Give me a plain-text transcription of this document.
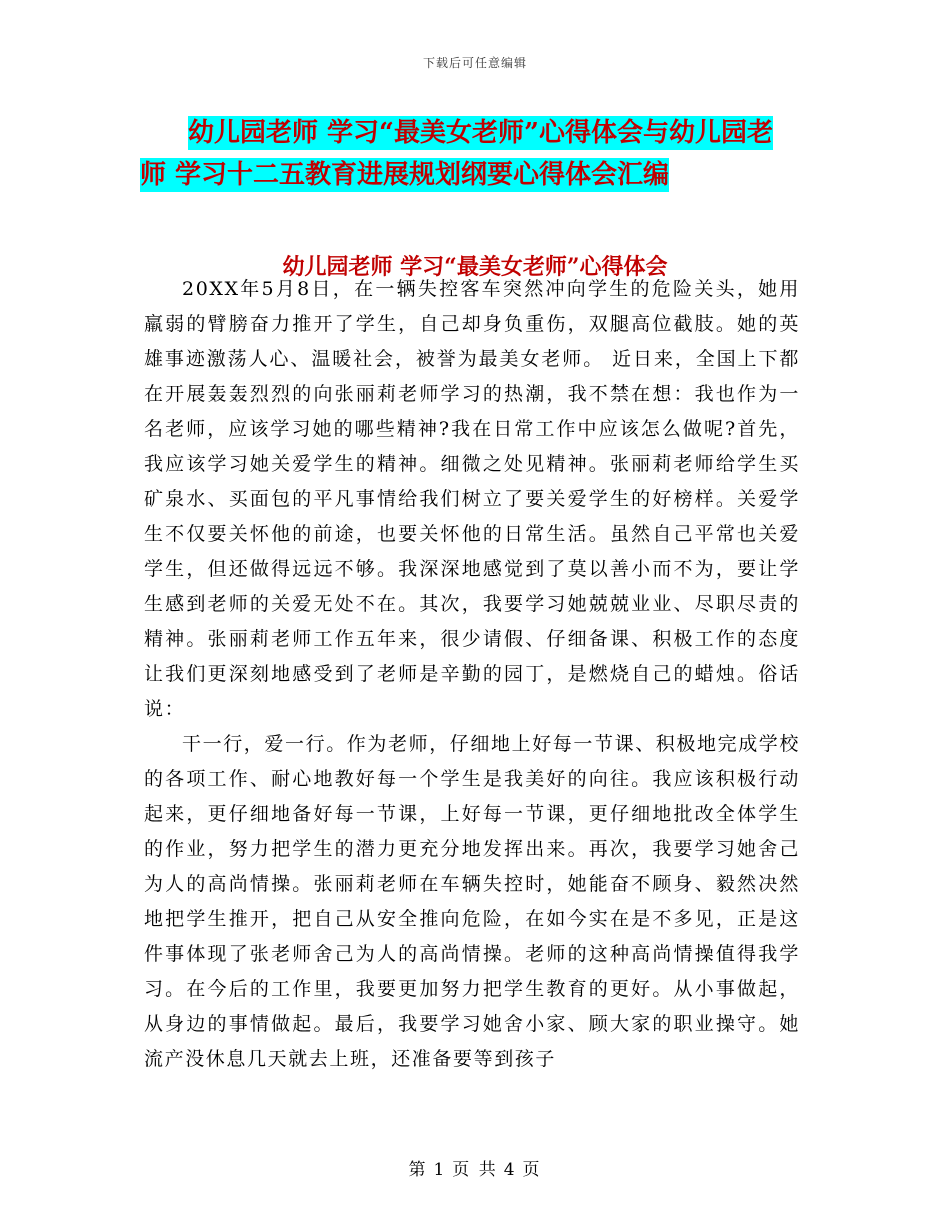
下载后可任意编辑
幼儿园老师 学习“最美女老师”心得体会与幼儿园老
师 学习十二五教育进展规划纲要心得体会汇编
幼儿园老师 学习“最美女老师”心得体会

20XX年5月8日，在一辆失控客车突然冲向学生的危险关头，她用羸弱的臂膀奋力推开了学生，自己却身负重伤，双腿高位截肢。她的英雄事迹激荡人心、温暖社会，被誉为最美女老师。 近日来，全国上下都在开展轰轰烈烈的向张丽莉老师学习的热潮，我不禁在想：我也作为一名老师，应该学习她的哪些精神?我在日常工作中应该怎么做呢?首先，我应该学习她关爱学生的精神。细微之处见精神。张丽莉老师给学生买矿泉水、买面包的平凡事情给我们树立了要关爱学生的好榜样。关爱学生不仅要关怀他的前途，也要关怀他的日常生活。虽然自己平常也关爱学生，但还做得远远不够。我深深地感觉到了莫以善小而不为，要让学生感到老师的关爱无处不在。其次，我要学习她兢兢业业、尽职尽责的精神。张丽莉老师工作五年来，很少请假、仔细备课、积极工作的态度让我们更深刻地感受到了老师是辛勤的园丁，是燃烧自己的蜡烛。俗话说：

干一行，爱一行。作为老师，仔细地上好每一节课、积极地完成学校的各项工作、耐心地教好每一个学生是我美好的向往。我应该积极行动起来，更仔细地备好每一节课，上好每一节课，更仔细地批改全体学生的作业，努力把学生的潜力更充分地发挥出来。再次，我要学习她舍己为人的高尚情操。张丽莉老师在车辆失控时，她能奋不顾身、毅然决然地把学生推开，把自己从安全推向危险，在如今实在是不多见，正是这件事体现了张老师舍己为人的高尚情操。老师的这种高尚情操值得我学习。在今后的工作里，我要更加努力把学生教育的更好。从小事做起，从身边的事情做起。最后，我要学习她舍小家、顾大家的职业操守。她流产没休息几天就去上班，还准备要等到孩子

第 1 页 共 4 页
